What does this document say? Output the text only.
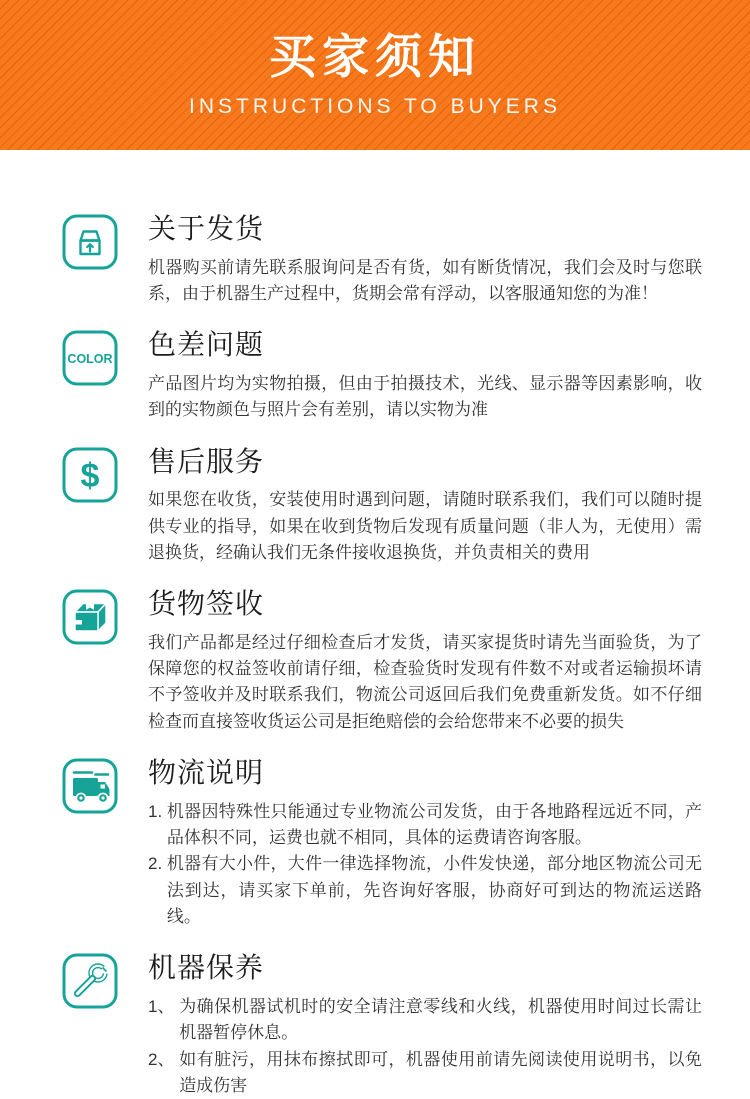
买家须知
INSTRUCTIONS TO BUYERS
关于发货
机器购买前请先联系服询问是否有货，如有断货情况，我们会及时与您联系，由于机器生产过程中，货期会常有浮动，以客服通知您的为准！
COLOR 色差问题
产品图片均为实物拍摄，但由于拍摄技术，光线、显示器等因素影响，收到的实物颜色与照片会有差别，请以实物为准
$ 售后服务
如果您在收货，安装使用时遇到问题，请随时联系我们，我们可以随时提供专业的指导，如果在收到货物后发现有质量问题（非人为，无使用）需退换货，经确认我们无条件接收退换货，并负责相关的费用
货物签收
我们产品都是经过仔细检查后才发货，请买家提货时请先当面验货，为了保障您的权益签收前请仔细，检查验货时发现有件数不对或者运输损坏请不予签收并及时联系我们，物流公司返回后我们免费重新发货。如不仔细检查而直接签收货运公司是拒绝赔偿的会给您带来不必要的损失
物流说明
1. 机器因特殊性只能通过专业物流公司发货，由于各地路程远近不同，产品体积不同，运费也就不相同，具体的运费请咨询客服。
2. 机器有大小件，大件一律选择物流，小件发快递，部分地区物流公司无法到达，请买家下单前，先咨询好客服，协商好可到达的物流运送路线。
机器保养
1、 为确保机器试机时的安全请注意零线和火线，机器使用时间过长需让机器暂停休息。
2、 如有脏污，用抹布擦拭即可，机器使用前请先阅读使用说明书，以免造成伤害
